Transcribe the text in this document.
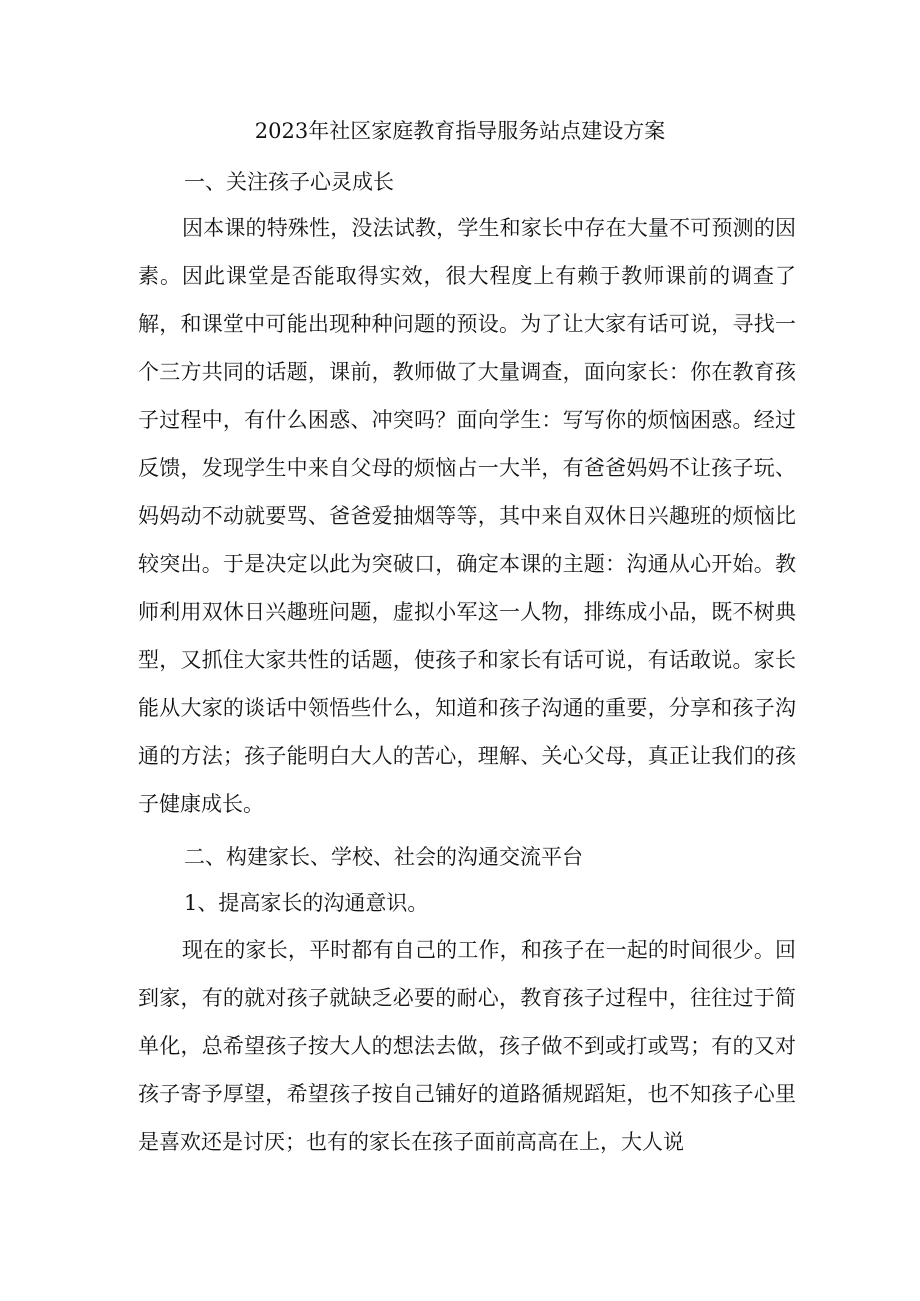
2023年社区家庭教育指导服务站点建设方案
一、关注孩子心灵成长

因本课的特殊性，没法试教，学生和家长中存在大量不可预测的因素。因此课堂是否能取得实效，很大程度上有赖于教师课前的调查了解，和课堂中可能出现种种问题的预设。为了让大家有话可说，寻找一个三方共同的话题，课前，教师做了大量调查，面向家长：你在教育孩子过程中，有什么困惑、冲突吗？面向学生：写写你的烦恼困惑。经过反馈，发现学生中来自父母的烦恼占一大半，有爸爸妈妈不让孩子玩、妈妈动不动就要骂、爸爸爱抽烟等等，其中来自双休日兴趣班的烦恼比较突出。于是决定以此为突破口，确定本课的主题：沟通从心开始。教师利用双休日兴趣班问题，虚拟小军这一人物，排练成小品，既不树典型，又抓住大家共性的话题，使孩子和家长有话可说，有话敢说。家长能从大家的谈话中领悟些什么，知道和孩子沟通的重要，分享和孩子沟通的方法；孩子能明白大人的苦心，理解、关心父母，真正让我们的孩子健康成长。

二、构建家长、学校、社会的沟通交流平台
1、提高家长的沟通意识。

现在的家长，平时都有自己的工作，和孩子在一起的时间很少。回到家，有的就对孩子就缺乏必要的耐心，教育孩子过程中，往往过于简单化，总希望孩子按大人的想法去做，孩子做不到或打或骂；有的又对孩子寄予厚望，希望孩子按自己铺好的道路循规蹈矩，也不知孩子心里是喜欢还是讨厌；也有的家长在孩子面前高高在上，大人说
